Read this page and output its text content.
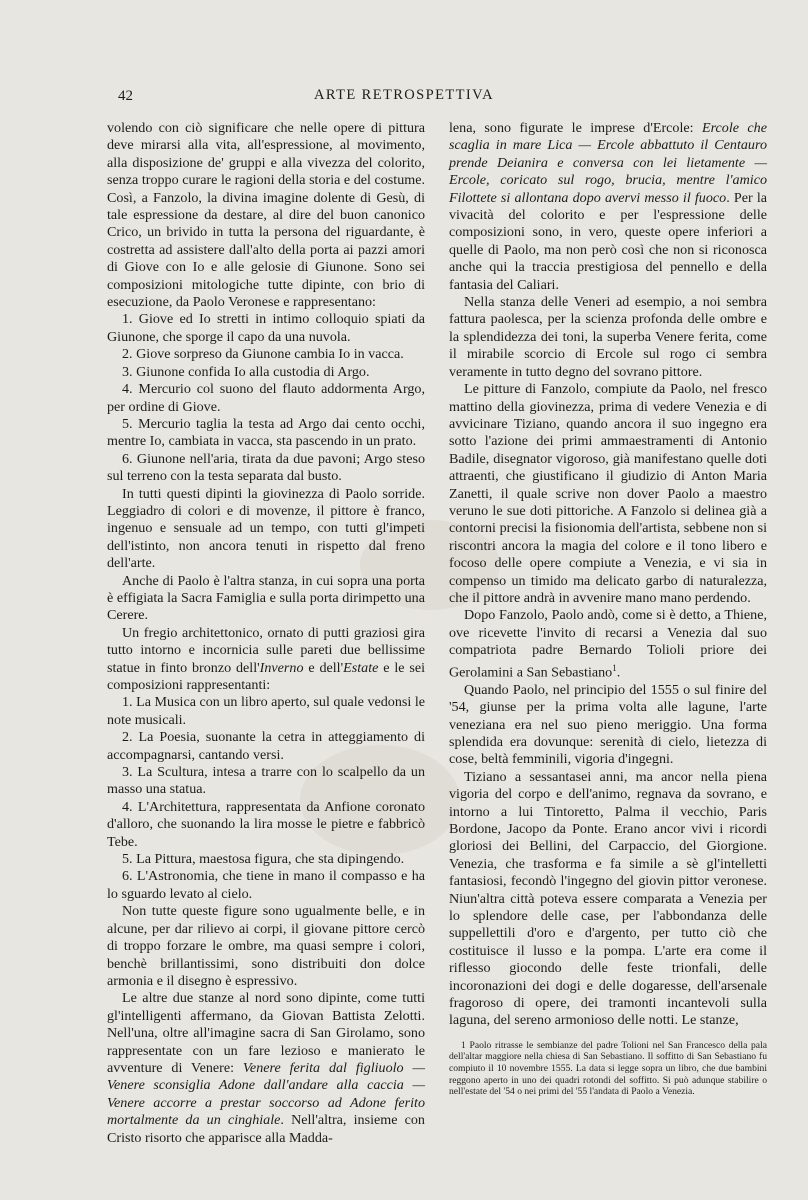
42	ARTE RETROSPETTIVA

volendo con ciò significare che nelle opere di pittura deve mirarsi alla vita, all'espressione, al movimento, alla disposizione de' gruppi e alla vivezza del colorito, senza troppo curare le ragioni della storia e del costume. Così, a Fanzolo, la divina imagine dolente di Gesù, di tale espressione da destare, al dire del buon canonico Crico, un brivido in tutta la persona del riguardante, è costretta ad assistere dall'alto della porta ai pazzi amori di Giove con Io e alle gelosie di Giunone. Sono sei composizioni mitologiche tutte dipinte, con brio di esecuzione, da Paolo Veronese e rappresentano:

1. Giove ed Io stretti in intimo colloquio spiati da Giunone, che sporge il capo da una nuvola.

2. Giove sorpreso da Giunone cambia Io in vacca.

3. Giunone confida Io alla custodia di Argo.

4. Mercurio col suono del flauto addormenta Argo, per ordine di Giove.

5. Mercurio taglia la testa ad Argo dai cento occhi, mentre Io, cambiata in vacca, sta pascendo in un prato.

6. Giunone nell'aria, tirata da due pavoni; Argo steso sul terreno con la testa separata dal busto.

In tutti questi dipinti la giovinezza di Paolo sorride. Leggiadro di colori e di movenze, il pittore è franco, ingenuo e sensuale ad un tempo, con tutti gl'impeti dell'istinto, non ancora tenuti in rispetto dal freno dell'arte.

Anche di Paolo è l'altra stanza, in cui sopra una porta è effigiata la Sacra Famiglia e sulla porta dirimpetto una Cerere.

Un fregio architettonico, ornato di putti graziosi gira tutto intorno e incornicia sulle pareti due bellissime statue in finto bronzo dell'Inverno e dell'Estate e le sei composizioni rappresentanti:

1. La Musica con un libro aperto, sul quale vedonsi le note musicali.

2. La Poesia, suonante la cetra in atteggiamento di accompagnarsi, cantando versi.

3. La Scultura, intesa a trarre con lo scalpello da un masso una statua.

4. L'Architettura, rappresentata da Anfione coronato d'alloro, che suonando la lira mosse le pietre e fabbricò Tebe.

5. La Pittura, maestosa figura, che sta dipingendo.

6. L'Astronomia, che tiene in mano il compasso e ha lo sguardo levato al cielo.

Non tutte queste figure sono ugualmente belle, e in alcune, per dar rilievo ai corpi, il giovane pittore cercò di troppo forzare le ombre, ma quasi sempre i colori, benchè brillantissimi, sono distribuiti don dolce armonia e il disegno è espressivo.

Le altre due stanze al nord sono dipinte, come tutti gl'intelligenti affermano, da Giovan Battista Zelotti. Nell'una, oltre all'imagine sacra di San Girolamo, sono rappresentate con un fare lezioso e manierato le avventure di Venere: Venere ferita dal figliuolo — Venere sconsiglia Adone dall'andare alla caccia — Venere accorre a prestar soccorso ad Adone ferito mortalmente da un cinghiale. Nell'altra, insieme con Cristo risorto che apparisce alla Madda-

lena, sono figurate le imprese d'Ercole: Ercole che scaglia in mare Lica — Ercole abbattuto il Centauro prende Deianira e conversa con lei lietamente — Ercole, coricato sul rogo, brucia, mentre l'amico Filottete si allontana dopo avervi messo il fuoco. Per la vivacità del colorito e per l'espressione delle composizioni sono, in vero, queste opere inferiori a quelle di Paolo, ma non però così che non si riconosca anche qui la traccia prestigiosa del pennello e della fantasia del Caliari.

Nella stanza delle Veneri ad esempio, a noi sembra fattura paolesca, per la scienza profonda delle ombre e la splendidezza dei toni, la superba Venere ferita, come il mirabile scorcio di Ercole sul rogo ci sembra veramente in tutto degno del sovrano pittore.

Le pitture di Fanzolo, compiute da Paolo, nel fresco mattino della giovinezza, prima di vedere Venezia e di avvicinare Tiziano, quando ancora il suo ingegno era sotto l'azione dei primi ammaestramenti di Antonio Badile, disegnator vigoroso, già manifestano quelle doti attraenti, che giustificano il giudizio di Anton Maria Zanetti, il quale scrive non dover Paolo a maestro veruno le sue doti pittoriche. A Fanzolo si delinea già a contorni precisi la fisionomia dell'artista, sebbene non si riscontri ancora la magia del colore e il tono libero e focoso delle opere compiute a Venezia, e vi sia in compenso un timido ma delicato garbo di naturalezza, che il pittore andrà in avvenire mano mano perdendo.

Dopo Fanzolo, Paolo andò, come si è detto, a Thiene, ove ricevette l'invito di recarsi a Venezia dal suo compatriota padre Bernardo Tolioli priore dei Gerolamini a San Sebastiano$^1$.

Quando Paolo, nel principio del 1555 o sul finire del '54, giunse per la prima volta alle lagune, l'arte veneziana era nel suo pieno meriggio. Una forma splendida era dovunque: serenità di cielo, lietezza di cose, beltà femminili, vigoria d'ingegni.

Tiziano a sessantasei anni, ma ancor nella piena vigoria del corpo e dell'animo, regnava da sovrano, e intorno a lui Tintoretto, Palma il vecchio, Paris Bordone, Jacopo da Ponte. Erano ancor vivi i ricordi gloriosi dei Bellini, del Carpaccio, del Giorgione. Venezia, che trasforma e fa simile a sè gl'intelletti fantasiosi, fecondò l'ingegno del giovin pittor veronese. Niun'altra città poteva essere comparata a Venezia per lo splendore delle case, per l'abbondanza delle suppellettili d'oro e d'argento, per tutto ciò che costituisce il lusso e la pompa. L'arte era come il riflesso giocondo delle feste trionfali, delle incoronazioni dei dogi e delle dogaresse, dell'arsenale fragoroso di opere, dei tramonti incantevoli sulla laguna, del sereno armonioso delle notti. Le stanze,

1 Paolo ritrasse le sembianze del padre Tolioni nel San Francesco della pala dell'altar maggiore nella chiesa di San Sebastiano. Il soffitto di San Sebastiano fu compiuto il 10 novembre 1555. La data si legge sopra un libro, che due bambini reggono aperto in uno dei quadri rotondi del soffitto. Si può adunque stabilire o nell'estate del '54 o nei primi del '55 l'andata di Paolo a Venezia.
